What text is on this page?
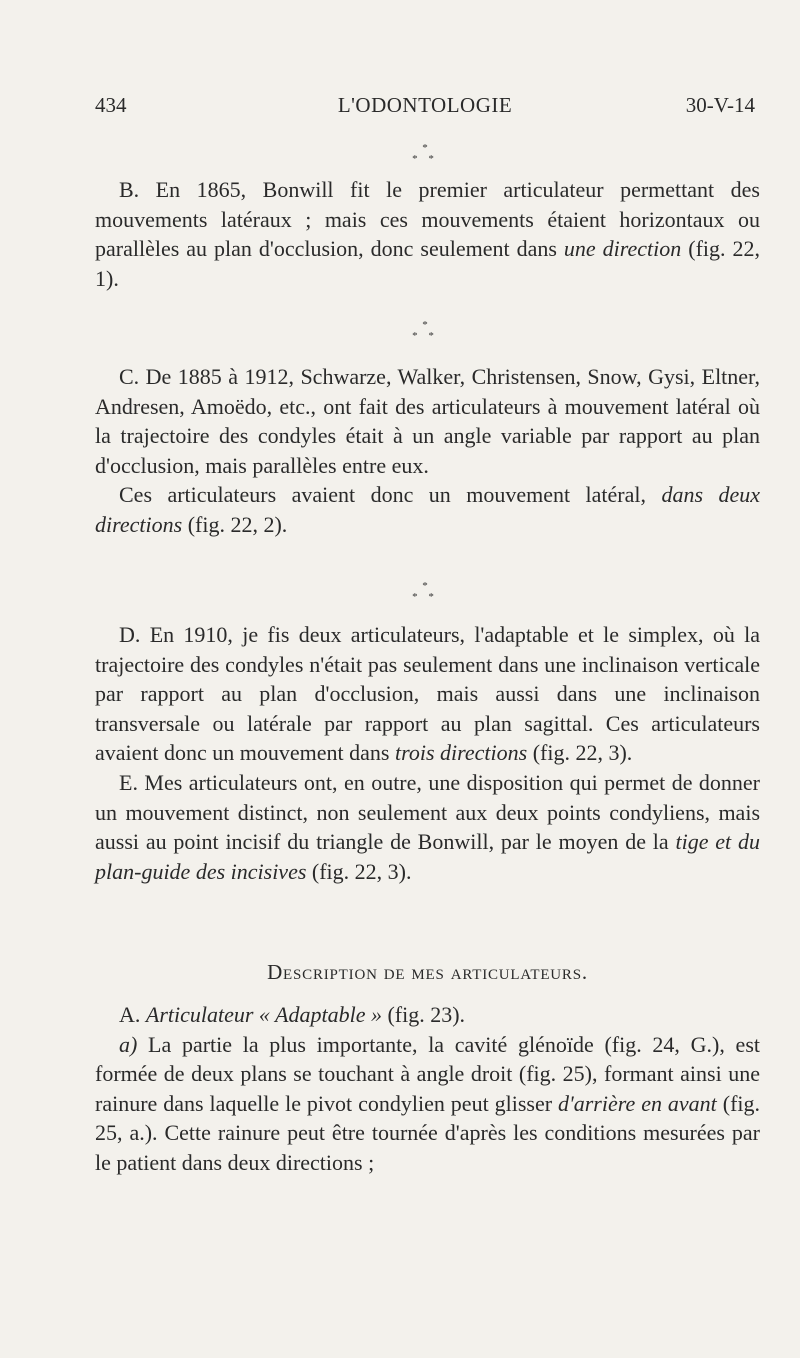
434	L'ODONTOLOGIE	30-V-14
*
* *

B. En 1865, Bonwill fit le premier articulateur permettant des mouvements latéraux ; mais ces mouvements étaient horizontaux ou parallèles au plan d'occlusion, donc seulement dans une direction (fig. 22, 1).

*
* *

C. De 1885 à 1912, Schwarze, Walker, Christensen, Snow, Gysi, Eltner, Andresen, Amoëdo, etc., ont fait des articulateurs à mouvement latéral où la trajectoire des condyles était à un angle variable par rapport au plan d'occlusion, mais parallèles entre eux.

Ces articulateurs avaient donc un mouvement latéral, dans deux directions (fig. 22, 2).

*
* *

D. En 1910, je fis deux articulateurs, l'adaptable et le simplex, où la trajectoire des condyles n'était pas seulement dans une inclinaison verticale par rapport au plan d'occlusion, mais aussi dans une inclinaison transversale ou latérale par rapport au plan sagittal. Ces articulateurs avaient donc un mouvement dans trois directions (fig. 22, 3).

E. Mes articulateurs ont, en outre, une disposition qui permet de donner un mouvement distinct, non seulement aux deux points condyliens, mais aussi au point incisif du triangle de Bonwill, par le moyen de la tige et du plan-guide des incisives (fig. 22, 3).

Description de mes articulateurs.

A. Articulateur « Adaptable » (fig. 23).

a) La partie la plus importante, la cavité glénoïde (fig. 24, G.), est formée de deux plans se touchant à angle droit (fig. 25), formant ainsi une rainure dans laquelle le pivot condylien peut glisser d'arrière en avant (fig. 25, a.). Cette rainure peut être tournée d'après les conditions mesurées par le patient dans deux directions ;
